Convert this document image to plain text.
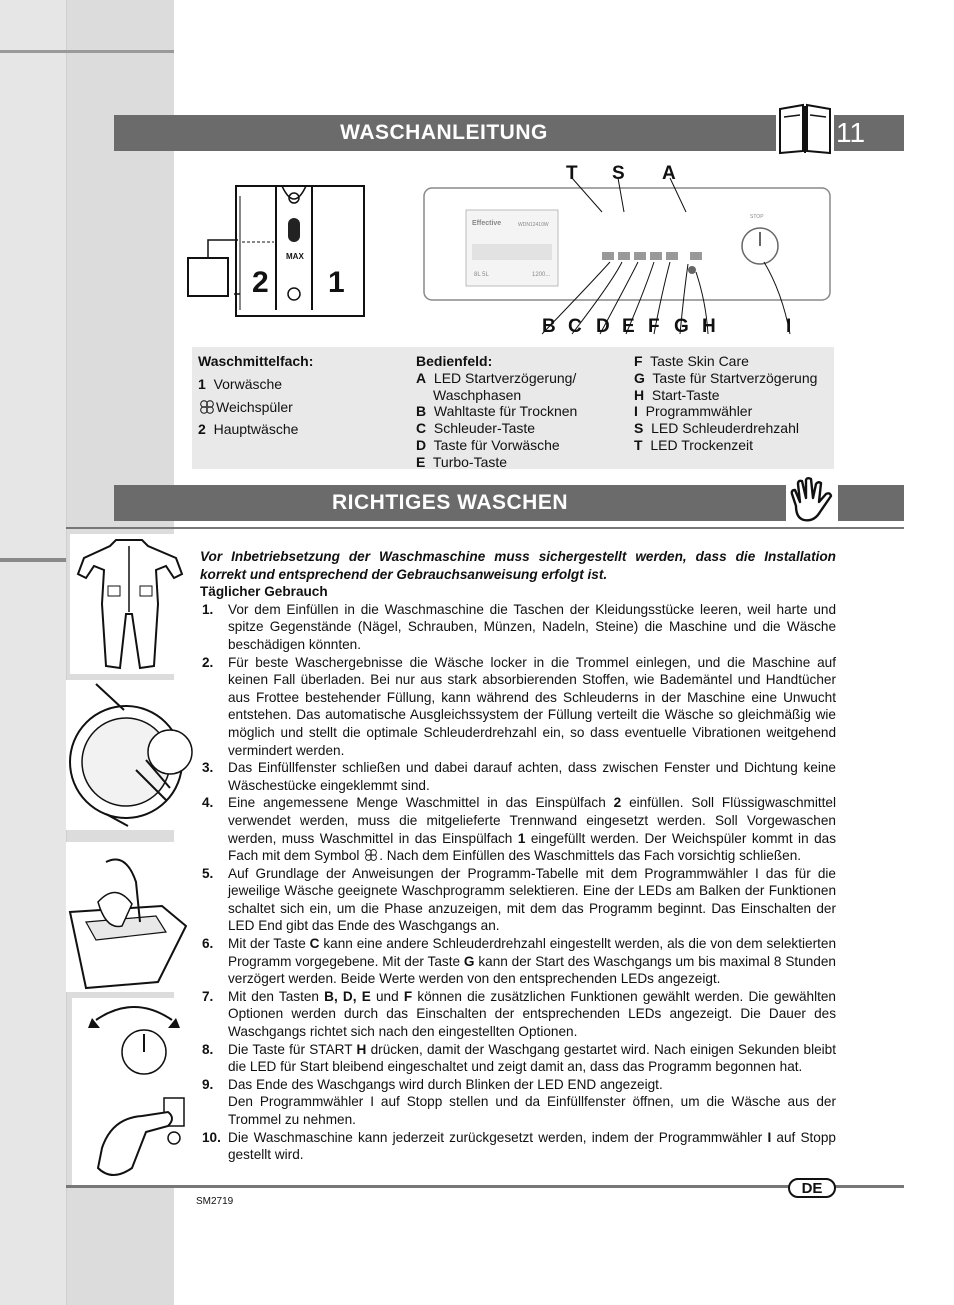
WASCHANLEITUNG	11
2 1
MAX
Effective	WDN12410W
8L 5L	1200...
STOP
T S A
B C D E F G H	I
Waschmittelfach:
1 Vorwäsche
Weichspüler
2 Hauptwäsche
Bedienfeld:
A LED Startverzögerung/ Waschphasen
B Wahltaste für Trocknen
C Schleuder-Taste
D Taste für Vorwäsche
E Turbo-Taste
F Taste Skin Care
G Taste für Startverzögerung
H Start-Taste
I Programmwähler
S LED Schleuderdrehzahl
T LED Trockenzeit
RICHTIGES WASCHEN

Vor Inbetriebsetzung der Waschmaschine muss sichergestellt werden, dass die Installation korrekt und entsprechend der Gebrauchsanweisung erfolgt ist.

Täglicher Gebrauch

1. Vor dem Einfüllen in die Waschmaschine die Taschen der Kleidungsstücke leeren, weil harte und spitze Gegenstände (Nägel, Schrauben, Münzen, Nadeln, Steine) die Maschine und die Wäsche beschädigen könnten.
2. Für beste Waschergebnisse die Wäsche locker in die Trommel einlegen, und die Maschine auf keinen Fall überladen. Bei nur aus stark absorbierenden Stoffen, wie Bademäntel und Handtücher aus Frottee bestehender Füllung, kann während des Schleuderns in der Maschine eine Unwucht entstehen. Das automatische Ausgleichssystem der Füllung verteilt die Wäsche so gleichmäßig wie möglich und stellt die optimale Schleuderdrehzahl ein, so dass eventuelle Vibrationen weitgehend vermindert werden.
3. Das Einfüllfenster schließen und dabei darauf achten, dass zwischen Fenster und Dichtung keine Wäschestücke eingeklemmt sind.
4. Eine angemessene Menge Waschmittel in das Einspülfach 2 einfüllen. Soll Flüssigwaschmittel verwendet werden, muss die mitgelieferte Trennwand eingesetzt werden. Soll Vorgewaschen werden, muss Waschmittel in das Einspülfach 1 eingefüllt werden. Der Weichspüler kommt in das Fach mit dem Symbol . Nach dem Einfüllen des Waschmittels das Fach vorsichtig schließen.
5. Auf Grundlage der Anweisungen der Programm-Tabelle mit dem Programmwähler I das für die jeweilige Wäsche geeignete Waschprogramm selektieren. Eine der LEDs am Balken der Funktionen schaltet sich ein, um die Phase anzuzeigen, mit dem das Programm beginnt. Das Einschalten der LED End gibt das Ende des Waschgangs an.
6. Mit der Taste C kann eine andere Schleuderdrehzahl eingestellt werden, als die von dem selektierten Programm vorgegebene. Mit der Taste G kann der Start des Waschgangs um bis maximal 8 Stunden verzögert werden. Beide Werte werden von den entsprechenden LEDs angezeigt.
7. Mit den Tasten B, D, E und F können die zusätzlichen Funktionen gewählt werden. Die gewählten Optionen werden durch das Einschalten der entsprechenden LEDs angezeigt. Die Dauer des Waschgangs richtet sich nach den eingestellten Optionen.
8. Die Taste für START H drücken, damit der Waschgang gestartet wird. Nach einigen Sekunden bleibt die LED für Start bleibend eingeschaltet und zeigt damit an, dass das Programm begonnen hat.
9. Das Ende des Waschgangs wird durch Blinken der LED END angezeigt.
Den Programmwähler I auf Stopp stellen und da Einfüllfenster öffnen, um die Wäsche aus der Trommel zu nehmen.
10. Die Waschmaschine kann jederzeit zurückgesetzt werden, indem der Programmwähler I auf Stopp gestellt wird.
DE
SM2719
